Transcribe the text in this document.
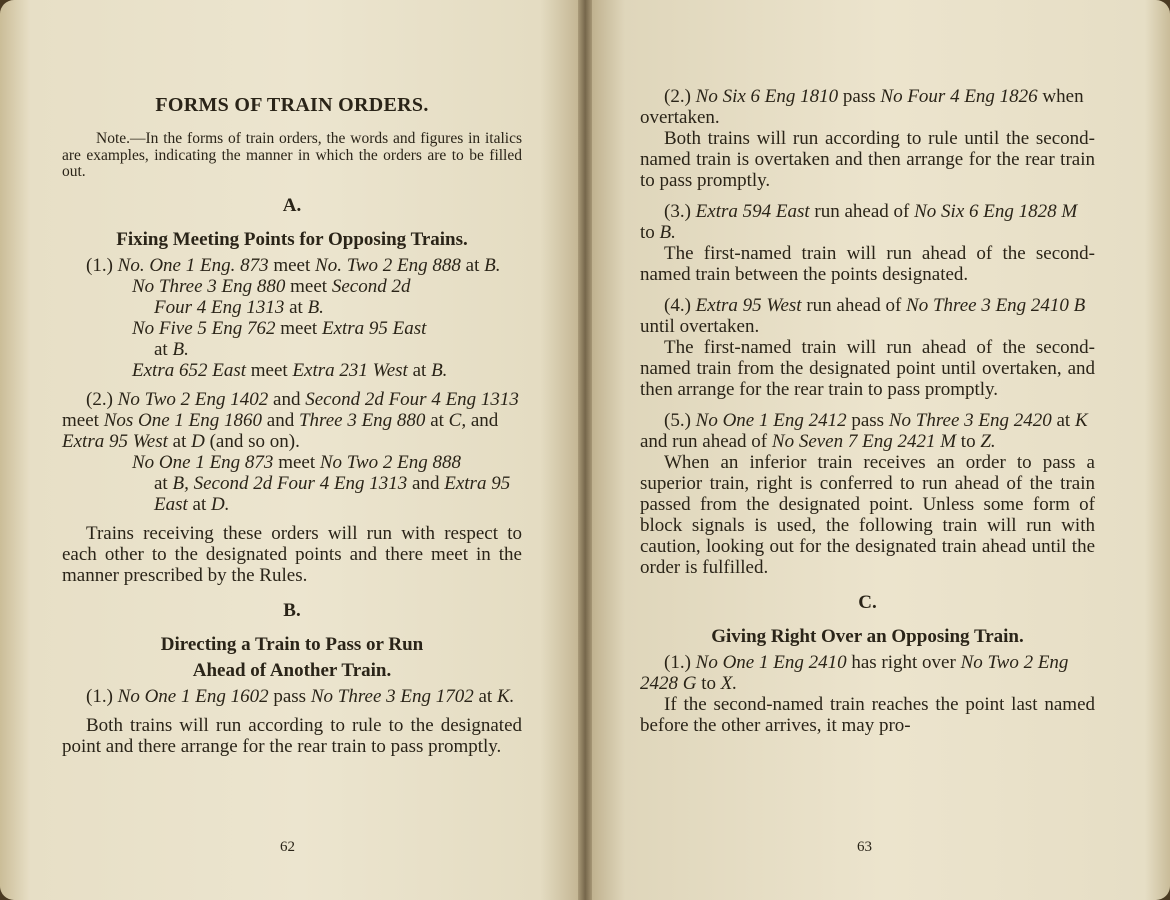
FORMS OF TRAIN ORDERS.

Note.—In the forms of train orders, the words and figures in italics are examples, indicating the manner in which the orders are to be filled out.

A.
Fixing Meeting Points for Opposing Trains.

(1.) No. One 1 Eng. 873 meet No. Two 2 Eng 888 at B.

No Three 3 Eng 880 meet Second 2d
Four 4 Eng 1313 at B.

No Five 5 Eng 762 meet Extra 95 East
at B.

Extra 652 East meet Extra 231 West at B.

(2.) No Two 2 Eng 1402 and Second 2d Four 4 Eng 1313 meet Nos One 1 Eng 1860 and Three 3 Eng 880 at C, and Extra 95 West at D (and so on).

No One 1 Eng 873 meet No Two 2 Eng 888
at B, Second 2d Four 4 Eng 1313 and Extra 95 East at D.

Trains receiving these orders will run with respect to each other to the designated points and there meet in the manner prescribed by the Rules.

B.
Directing a Train to Pass or Run
Ahead of Another Train.

(1.) No One 1 Eng 1602 pass No Three 3 Eng 1702 at K.

Both trains will run according to rule to the designated point and there arrange for the rear train to pass promptly.

62

(2.) No Six 6 Eng 1810 pass No Four 4 Eng 1826 when overtaken.

Both trains will run according to rule until the second-named train is overtaken and then arrange for the rear train to pass promptly.

(3.) Extra 594 East run ahead of No Six 6 Eng 1828 M to B.

The first-named train will run ahead of the second-named train between the points designated.

(4.) Extra 95 West run ahead of No Three 3 Eng 2410 B until overtaken.

The first-named train will run ahead of the second-named train from the designated point until overtaken, and then arrange for the rear train to pass promptly.

(5.) No One 1 Eng 2412 pass No Three 3 Eng 2420 at K and run ahead of No Seven 7 Eng 2421 M to Z.

When an inferior train receives an order to pass a superior train, right is conferred to run ahead of the train passed from the designated point. Unless some form of block signals is used, the following train will run with caution, looking out for the designated train ahead until the order is fulfilled.

C.
Giving Right Over an Opposing Train.

(1.) No One 1 Eng 2410 has right over No Two 2 Eng 2428 G to X.

If the second-named train reaches the point last named before the other arrives, it may pro-

63
